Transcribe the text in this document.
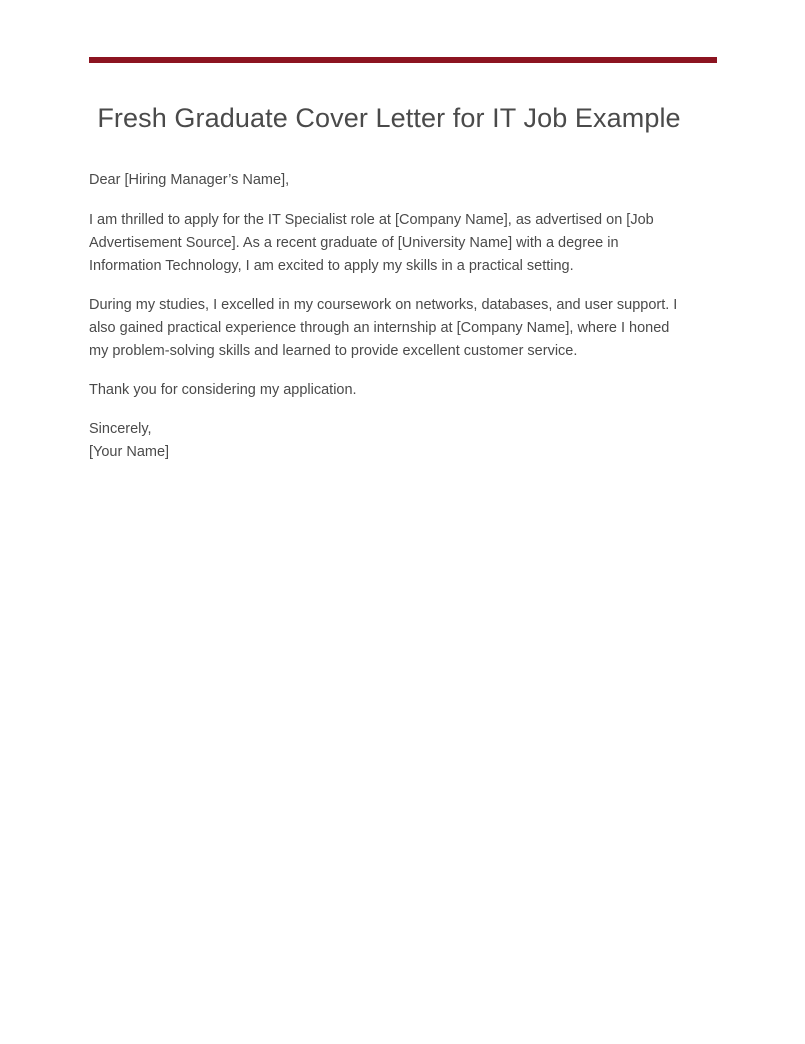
Fresh Graduate Cover Letter for IT Job Example

Dear [Hiring Manager’s Name],

I am thrilled to apply for the IT Specialist role at [Company Name], as advertised on [Job Advertisement Source]. As a recent graduate of [University Name] with a degree in Information Technology, I am excited to apply my skills in a practical setting.

During my studies, I excelled in my coursework on networks, databases, and user support. I also gained practical experience through an internship at [Company Name], where I honed my problem-solving skills and learned to provide excellent customer service.

Thank you for considering my application.

Sincerely,

[Your Name]
